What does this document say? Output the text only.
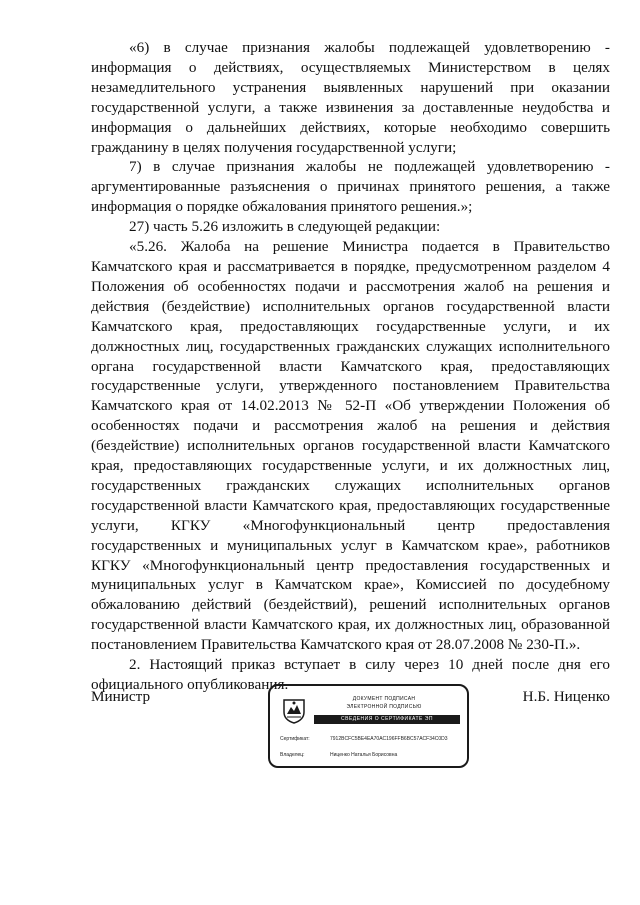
«6) в случае признания жалобы подлежащей удовлетворению - информация о действиях, осуществляемых Министерством в целях незамедлительного устранения выявленных нарушений при оказании государственной услуги, а также извинения за доставленные неудобства и информация о дальнейших действиях, которые необходимо совершить гражданину в целях получения государственной услуги;

7) в случае признания жалобы не подлежащей удовлетворению - аргументированные разъяснения о причинах принятого решения, а также информация о порядке обжалования принятого решения.»;

27) часть 5.26 изложить в следующей редакции:

«5.26. Жалоба на решение Министра подается в Правительство Камчатского края и рассматривается в порядке, предусмотренном разделом 4 Положения об особенностях подачи и рассмотрения жалоб на решения и действия (бездействие) исполнительных органов государственной власти Камчатского края, предоставляющих государственные услуги, и их должностных лиц, государственных гражданских служащих исполнительного органа государственной власти Камчатского края, предоставляющих государственные услуги, утвержденного постановлением Правительства Камчатского края от 14.02.2013 № 52-П «Об утверждении Положения об особенностях подачи и рассмотрения жалоб на решения и действия (бездействие) исполнительных органов государственной власти Камчатского края, предоставляющих государственные услуги, и их должностных лиц, государственных гражданских служащих исполнительных органов государственной власти Камчатского края, предоставляющих государственные услуги, КГКУ «Многофункциональный центр предоставления государственных и муниципальных услуг в Камчатском крае», работников КГКУ «Многофункциональный центр предоставления государственных и муниципальных услуг в Камчатском крае», Комиссией по досудебному обжалованию действий (бездействий), решений исполнительных органов государственной власти Камчатского края, их должностных лиц, образованной постановлением Правительства Камчатского края от 28.07.2008 № 230-П.».

2. Настоящий приказ вступает в силу через 10 дней после дня его официального опубликования.

Министр	Н.Б. Ниценко
ДОКУМЕНТ ПОДПИСАН
ЭЛЕКТРОННОЙ ПОДПИСЬЮ
СВЕДЕНИЯ О СЕРТИФИКАТЕ ЭП
Сертификат:	7912BCFC5BE4EA70AC196FFB6BC57ACF34C0D3
Владелец:	Ниценко Наталья Борисовна
